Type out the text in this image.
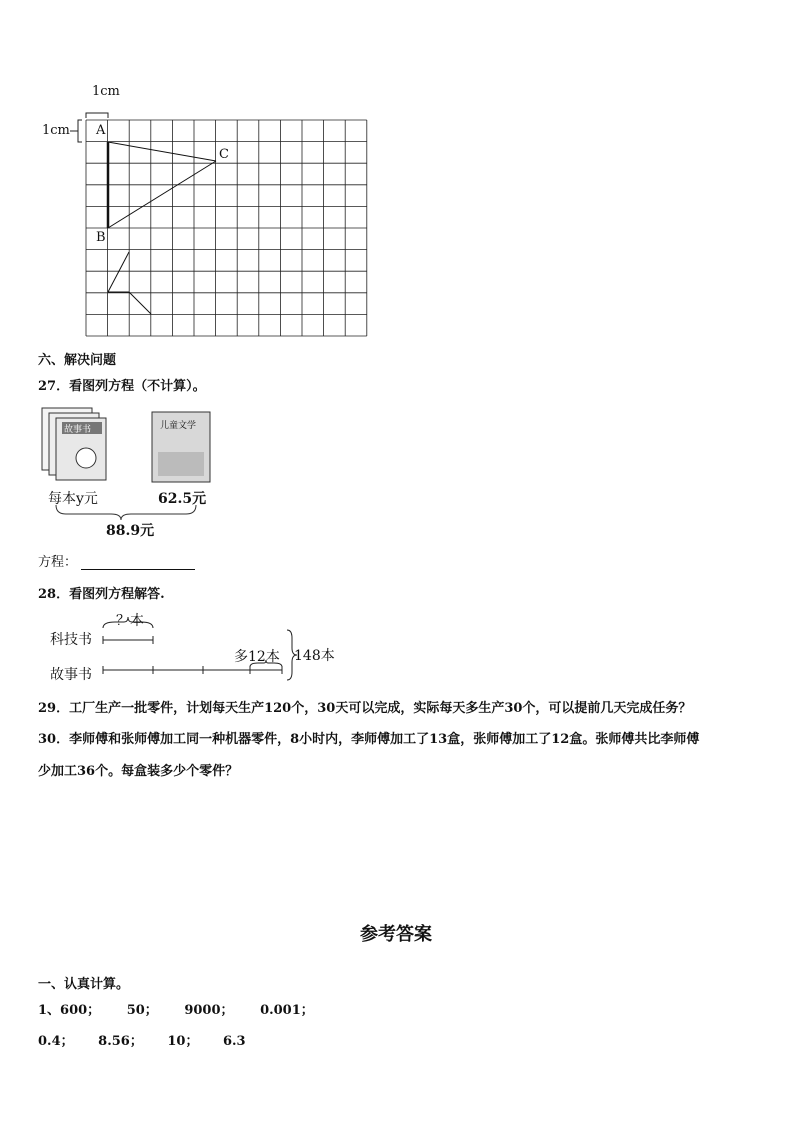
1cm
1cm A
B
C
六、解决问题
27．看图列方程（不计算）。
故事书	儿童文学
每本y元	62.5元
88.9元
方程：
28．看图列方程解答.
科技书
故事书
？本
多12本 148本
29．工厂生产一批零件，计划每天生产120个，30天可以完成，实际每天多生产30个，可以提前几天完成任务？
30．李师傅和张师傅加工同一种机器零件，8小时内，李师傅加工了13盒，张师傅加工了12盒。张师傅共比李师傅
少加工36个。每盒装多少个零件？
参考答案
一、认真计算。
1、600； 50； 9000； 0.001；
0.4； 8.56； 10； 6.3
